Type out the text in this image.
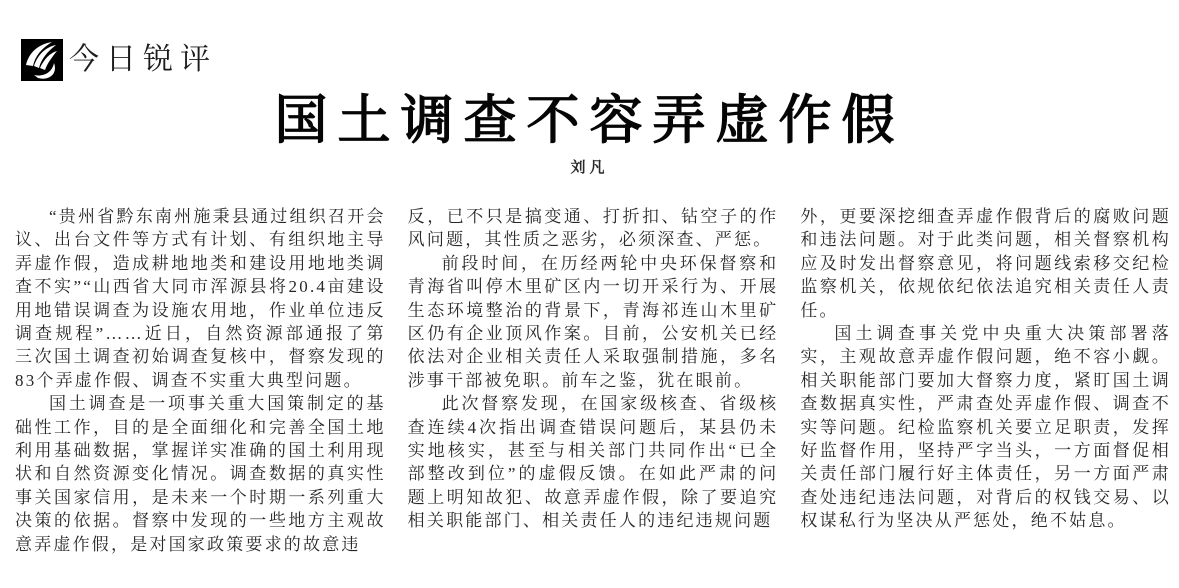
今日锐评
国土调查不容弄虚作假
刘凡

“贵州省黔东南州施秉县通过组织召开会议、出台文件等方式有计划、有组织地主导弄虚作假，造成耕地地类和建设用地地类调查不实”“山西省大同市浑源县将20.4亩建设用地错误调查为设施农用地，作业单位违反调查规程”……近日，自然资源部通报了第三次国土调查初始调查复核中，督察发现的83个弄虚作假、调查不实重大典型问题。

国土调查是一项事关重大国策制定的基础性工作，目的是全面细化和完善全国土地利用基础数据，掌握详实准确的国土利用现状和自然资源变化情况。调查数据的真实性事关国家信用，是未来一个时期一系列重大决策的依据。督察中发现的一些地方主观故意弄虚作假，是对国家政策要求的故意违

反，已不只是搞变通、打折扣、钻空子的作风问题，其性质之恶劣，必须深查、严惩。

前段时间，在历经两轮中央环保督察和青海省叫停木里矿区内一切开采行为、开展生态环境整治的背景下，青海祁连山木里矿区仍有企业顶风作案。目前，公安机关已经依法对企业相关责任人采取强制措施，多名涉事干部被免职。前车之鉴，犹在眼前。

此次督察发现，在国家级核查、省级核查连续4次指出调查错误问题后，某县仍未实地核实，甚至与相关部门共同作出“已全部整改到位”的虚假反馈。在如此严肃的问题上明知故犯、故意弄虚作假，除了要追究相关职能部门、相关责任人的违纪违规问题

外，更要深挖细查弄虚作假背后的腐败问题和违法问题。对于此类问题，相关督察机构应及时发出督察意见，将问题线索移交纪检监察机关，依规依纪依法追究相关责任人责任。

国土调查事关党中央重大决策部署落实，主观故意弄虚作假问题，绝不容小觑。相关职能部门要加大督察力度，紧盯国土调查数据真实性，严肃查处弄虚作假、调查不实等问题。纪检监察机关要立足职责，发挥好监督作用，坚持严字当头，一方面督促相关责任部门履行好主体责任，另一方面严肃查处违纪违法问题，对背后的权钱交易、以权谋私行为坚决从严惩处，绝不姑息。
